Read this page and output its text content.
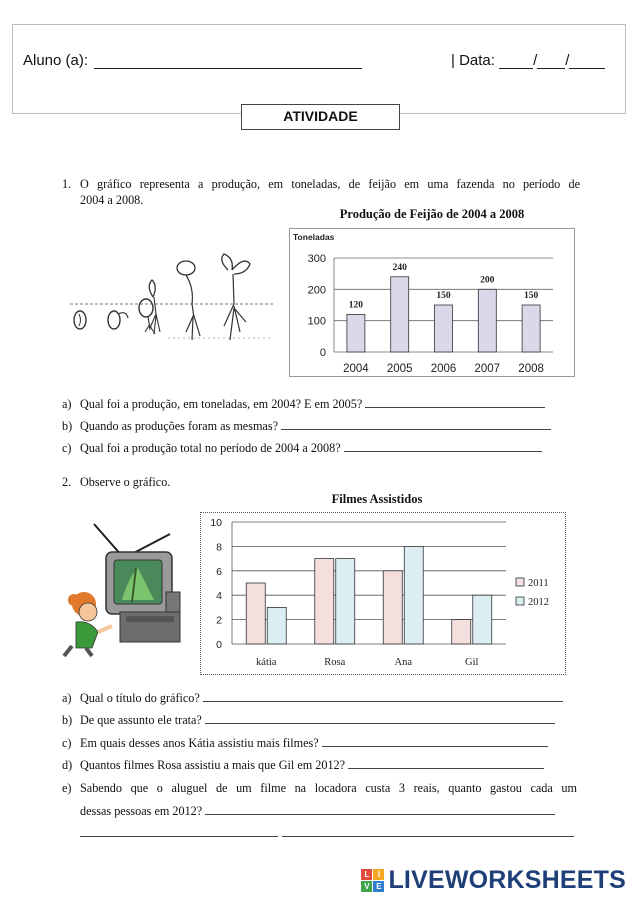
Aluno (a):	| Data:	/ /
ATIVIDADE
1. O gráfico representa a produção, em toneladas, de feijão em uma fazenda no período de
2004 a 2008.
Produção de Feijão de 2004 a 2008
Toneladas
120
240
150
200
150
0
100
200
300
2004 2005 2006 2007 2008
a) Qual foi a produção, em toneladas, em 2004? E em 2005?
b) Quando as produções foram as mesmas?
c) Qual foi a produção total no período de 2004 a 2008?
2. Observe o gráfico.
Filmes Assistidos
0
2
4
6
8
10
kátia	Rosa	Ana	Gil
2011
2012
a) Qual o título do gráfico?
b) De que assunto ele trata?
c) Em quais desses anos Kátia assistiu mais filmes?
d) Quantos filmes Rosa assistiu a mais que Gil em 2012?
e) Sabendo que o aluguel de um filme na locadora custa 3 reais, quanto gastou cada um
dessas pessoas em 2012?
L	I
V E LIVEWORKSHEETS
